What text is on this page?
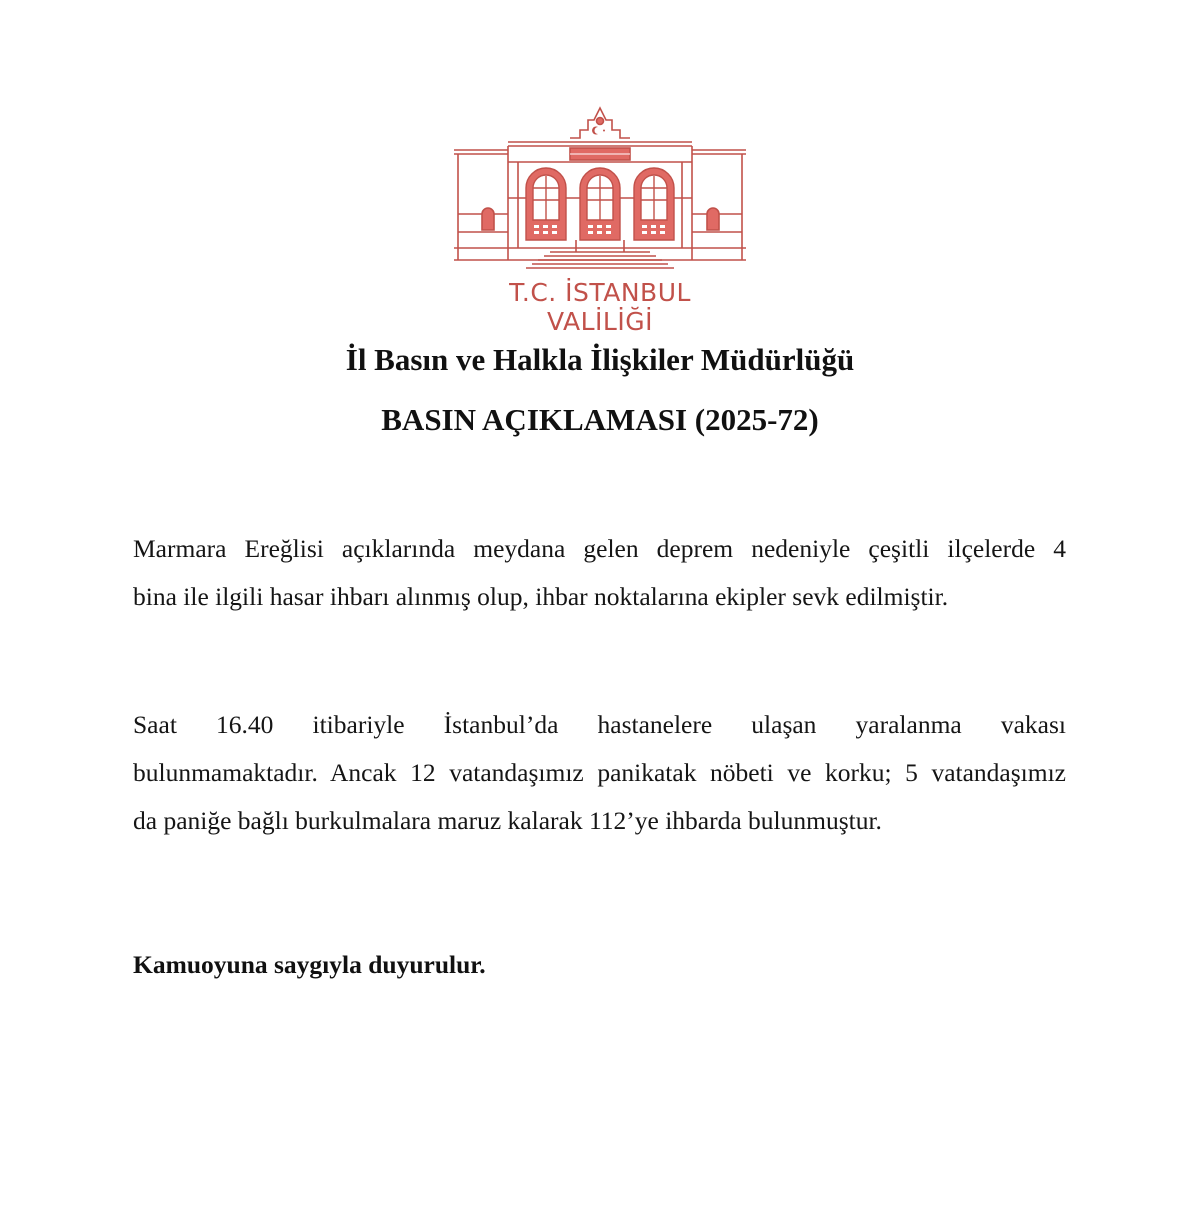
T.C. İSTANBUL VALİLİĞİ
İl Basın ve Halkla İlişkiler Müdürlüğü
BASIN AÇIKLAMASI (2025-72)
Marmara Ereğlisi açıklarında meydana gelen deprem nedeniyle çeşitli ilçelerde 4
bina ile ilgili hasar ihbarı alınmış olup, ihbar noktalarına ekipler sevk edilmiştir.
Saat 16.40 itibariyle İstanbul’da hastanelere ulaşan yaralanma vakası
bulunmamaktadır. Ancak 12 vatandaşımız panikatak nöbeti ve korku; 5 vatandaşımız
da paniğe bağlı burkulmalara maruz kalarak 112’ye ihbarda bulunmuştur.
Kamuoyuna saygıyla duyurulur.
